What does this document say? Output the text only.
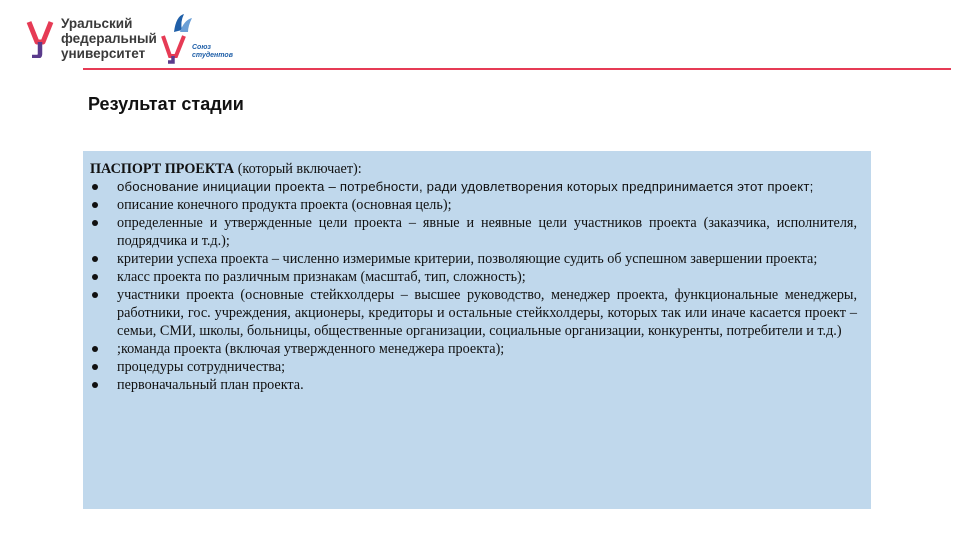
Уральский
федеральный
университет	Союз
студентов
Результат стадии

ПАСПОРТ ПРОЕКТА (который включает):

обоснование инициации проекта – потребности, ради удовлетворения которых предпринимается этот проект;
описание конечного продукта проекта (основная цель);
определенные и утвержденные цели проекта – явные и неявные цели участников проекта (заказчика, исполнителя, подрядчика и т.д.);
критерии успеха проекта – численно измеримые критерии, позволяющие судить об успешном завершении проекта;
класс проекта по различным признакам (масштаб, тип, сложность);
участники проекта (основные стейкхолдеры – высшее руководство, менеджер проекта, функциональные менеджеры, работники, гос. учреждения, акционеры, кредиторы и остальные стейкхолдеры, которых так или иначе касается проект – семьи, СМИ, школы, больницы, общественные организации, социальные организации, конкуренты, потребители и т.д.)
;команда проекта (включая утвержденного менеджера проекта);
процедуры сотрудничества;
первоначальный план проекта.
